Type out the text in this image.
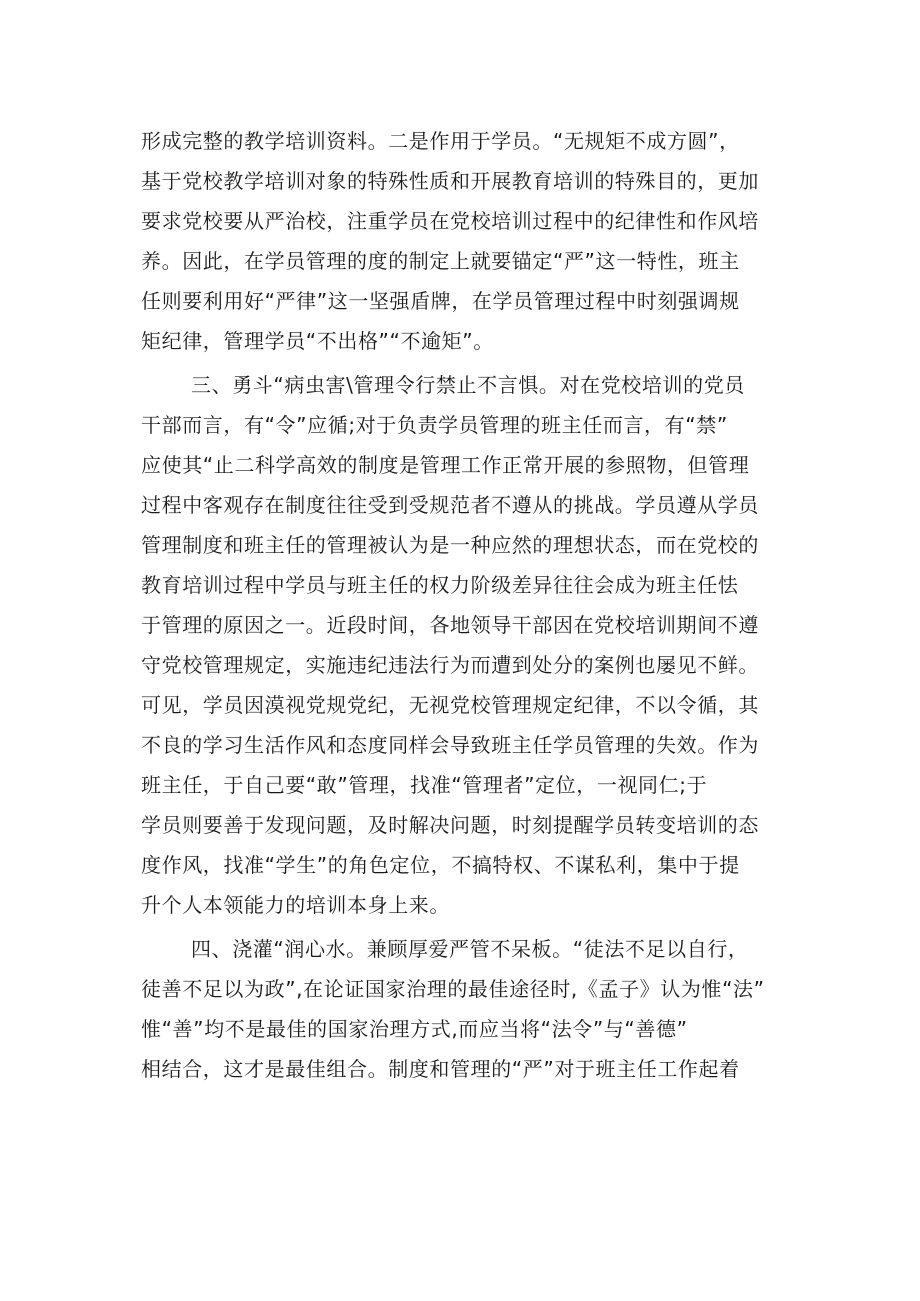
形成完整的教学培训资料。二是作用于学员。“无规矩不成方圆”，
基于党校教学培训对象的特殊性质和开展教育培训的特殊目的，更加
要求党校要从严治校，注重学员在党校培训过程中的纪律性和作风培
养。因此，在学员管理的度的制定上就要锚定“严”这一特性，班主
任则要利用好“严律”这一坚强盾牌，在学员管理过程中时刻强调规
矩纪律，管理学员“不出格”“不逾矩”。

三、勇斗“病虫害\管理令行禁止不言惧。对在党校培训的党员
干部而言，有“令”应循;对于负责学员管理的班主任而言，有“禁”
应使其“止二科学高效的制度是管理工作正常开展的参照物，但管理
过程中客观存在制度往往受到受规范者不遵从的挑战。学员遵从学员
管理制度和班主任的管理被认为是一种应然的理想状态，而在党校的
教育培训过程中学员与班主任的权力阶级差异往往会成为班主任怯
于管理的原因之一。近段时间，各地领导干部因在党校培训期间不遵
守党校管理规定，实施违纪违法行为而遭到处分的案例也屡见不鲜。
可见，学员因漠视党规党纪，无视党校管理规定纪律，不以令循，其
不良的学习生活作风和态度同样会导致班主任学员管理的失效。作为
班主任，于自己要“敢”管理，找准“管理者”定位，一视同仁;于
学员则要善于发现问题，及时解决问题，时刻提醒学员转变培训的态
度作风，找准“学生”的角色定位，不搞特权、不谋私利，集中于提
升个人本领能力的培训本身上来。

四、浇灌“润心水。兼顾厚爱严管不呆板。“徒法不足以自行，
徒善不足以为政”,在论证国家治理的最佳途径时,《孟子》认为惟“法”
惟“善”均不是最佳的国家治理方式,而应当将“法令”与“善德”
相结合，这才是最佳组合。制度和管理的“严”对于班主任工作起着
